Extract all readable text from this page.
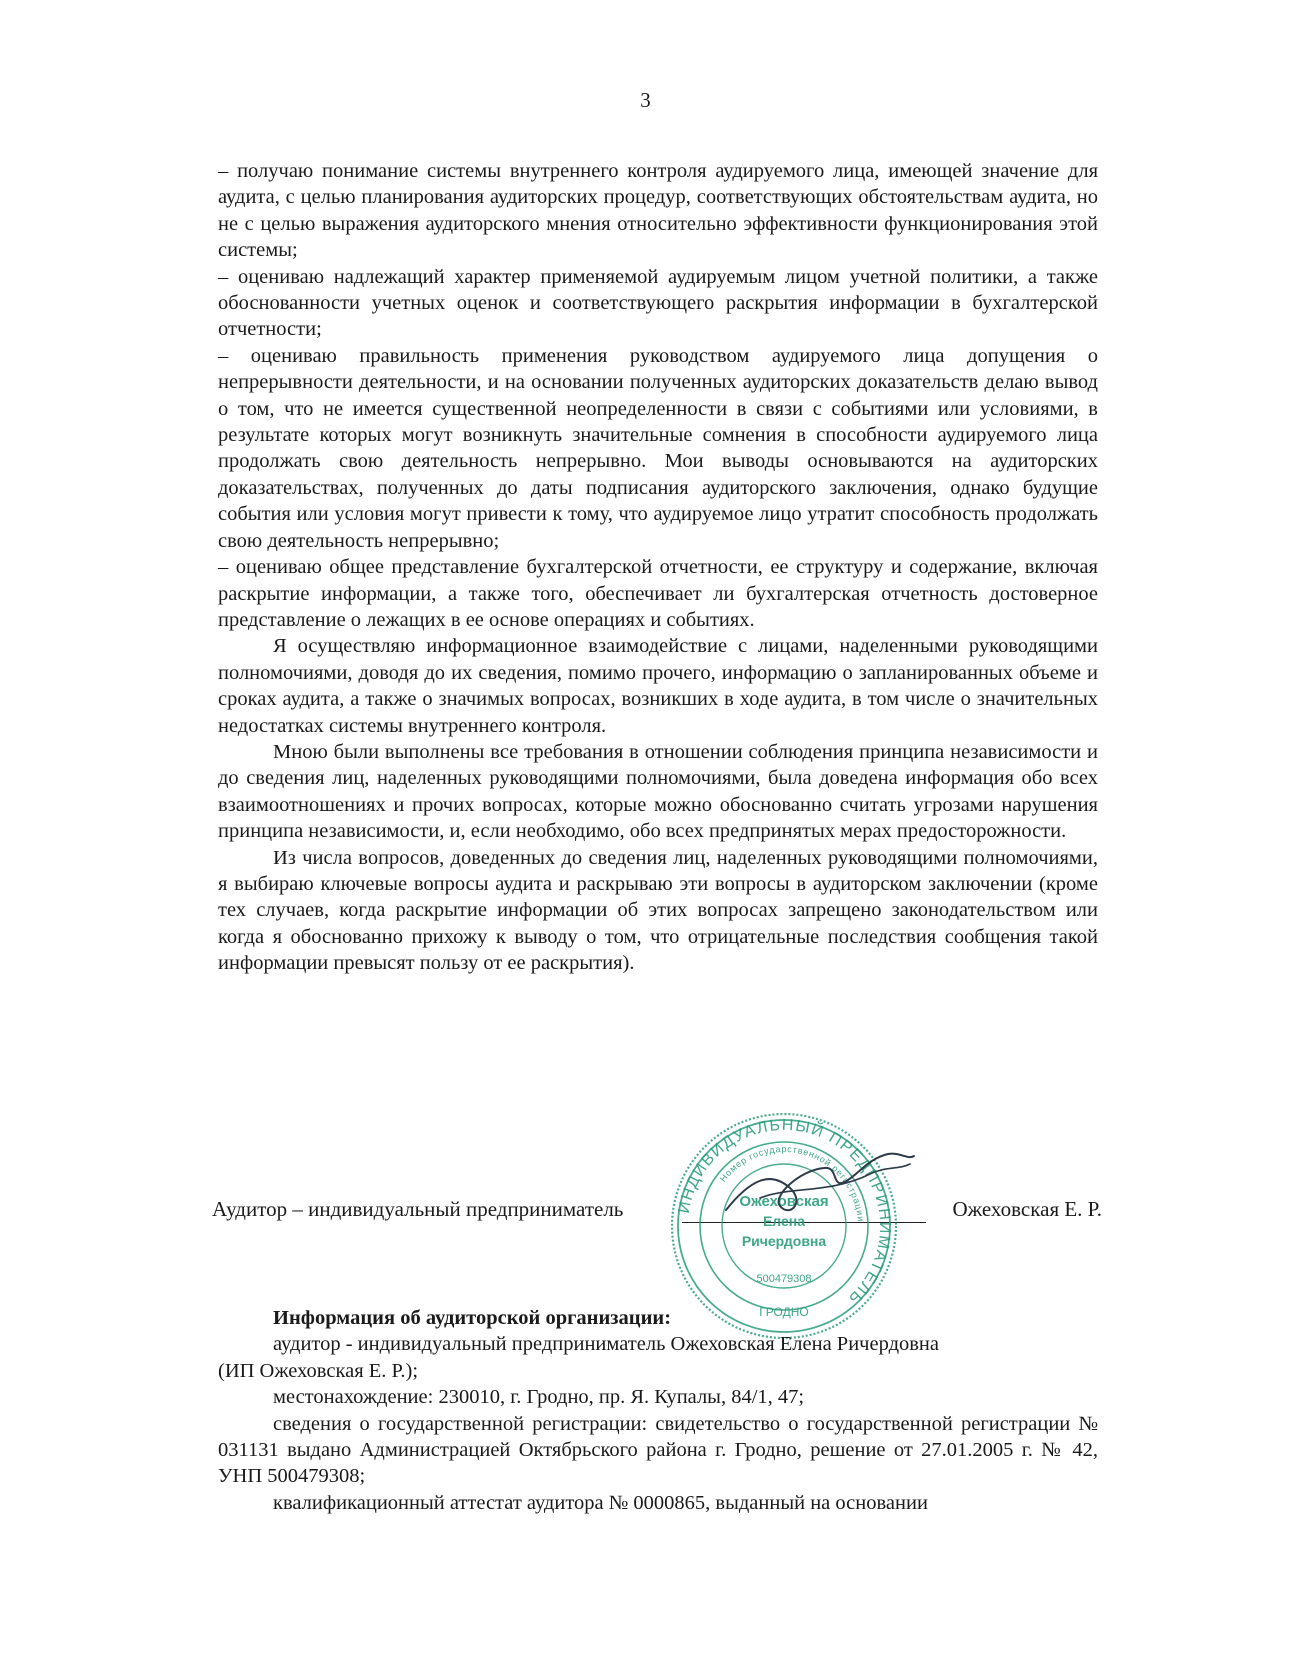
3

– получаю понимание системы внутреннего контроля аудируемого лица, имеющей значение для аудита, с целью планирования аудиторских процедур, соответствующих обстоятельствам аудита, но не с целью выражения аудиторского мнения относительно эффективности функционирования этой системы;

– оцениваю надлежащий характер применяемой аудируемым лицом учетной политики, а также обоснованности учетных оценок и соответствующего раскрытия информации в бухгалтерской отчетности;

– оцениваю правильность применения руководством аудируемого лица допущения о непрерывности деятельности, и на основании полученных аудиторских доказательств делаю вывод о том, что не имеется существенной неопределенности в связи с событиями или условиями, в результате которых могут возникнуть значительные сомнения в способности аудируемого лица продолжать свою деятельность непрерывно. Мои выводы основываются на аудиторских доказательствах, полученных до даты подписания аудиторского заключения, однако будущие события или условия могут привести к тому, что аудируемое лицо утратит способность продолжать свою деятельность непрерывно;

– оцениваю общее представление бухгалтерской отчетности, ее структуру и содержание, включая раскрытие информации, а также того, обеспечивает ли бухгалтерская отчетность достоверное представление о лежащих в ее основе операциях и событиях.

Я осуществляю информационное взаимодействие с лицами, наделенными руководящими полномочиями, доводя до их сведения, помимо прочего, информацию о запланированных объеме и сроках аудита, а также о значимых вопросах, возникших в ходе аудита, в том числе о значительных недостатках системы внутреннего контроля.

Мною были выполнены все требования в отношении соблюдения принципа независимости и до сведения лиц, наделенных руководящими полномочиями, была доведена информация обо всех взаимоотношениях и прочих вопросах, которые можно обоснованно считать угрозами нарушения принципа независимости, и, если необходимо, обо всех предпринятых мерах предосторожности.

Из числа вопросов, доведенных до сведения лиц, наделенных руководящими полномочиями, я выбираю ключевые вопросы аудита и раскрываю эти вопросы в аудиторском заключении (кроме тех случаев, когда раскрытие информации об этих вопросах запрещено законодательством или когда я обоснованно прихожу к выводу о том, что отрицательные последствия сообщения такой информации превысят пользу от ее раскрытия).

Аудитор – индивидуальный предприниматель	Ожеховская Е. Р.
ИНДИВИДУАЛЬНЫЙ ПРЕДПРИНИМАТЕЛЬ
Номер государственной регистрации
Ожеховская
Елена
Ричердовна
500479308
ГРОДНО

Информация об аудиторской организации:

аудитор - индивидуальный предприниматель Ожеховская Елена Ричердовна

(ИП Ожеховская Е. Р.);

местонахождение: 230010, г. Гродно, пр. Я. Купалы, 84/1, 47;

сведения о государственной регистрации: свидетельство о государственной регистрации № 031131 выдано Администрацией Октябрьского района г. Гродно, решение от 27.01.2005 г. № 42, УНП 500479308;

квалификационный аттестат аудитора № 0000865, выданный на основании
